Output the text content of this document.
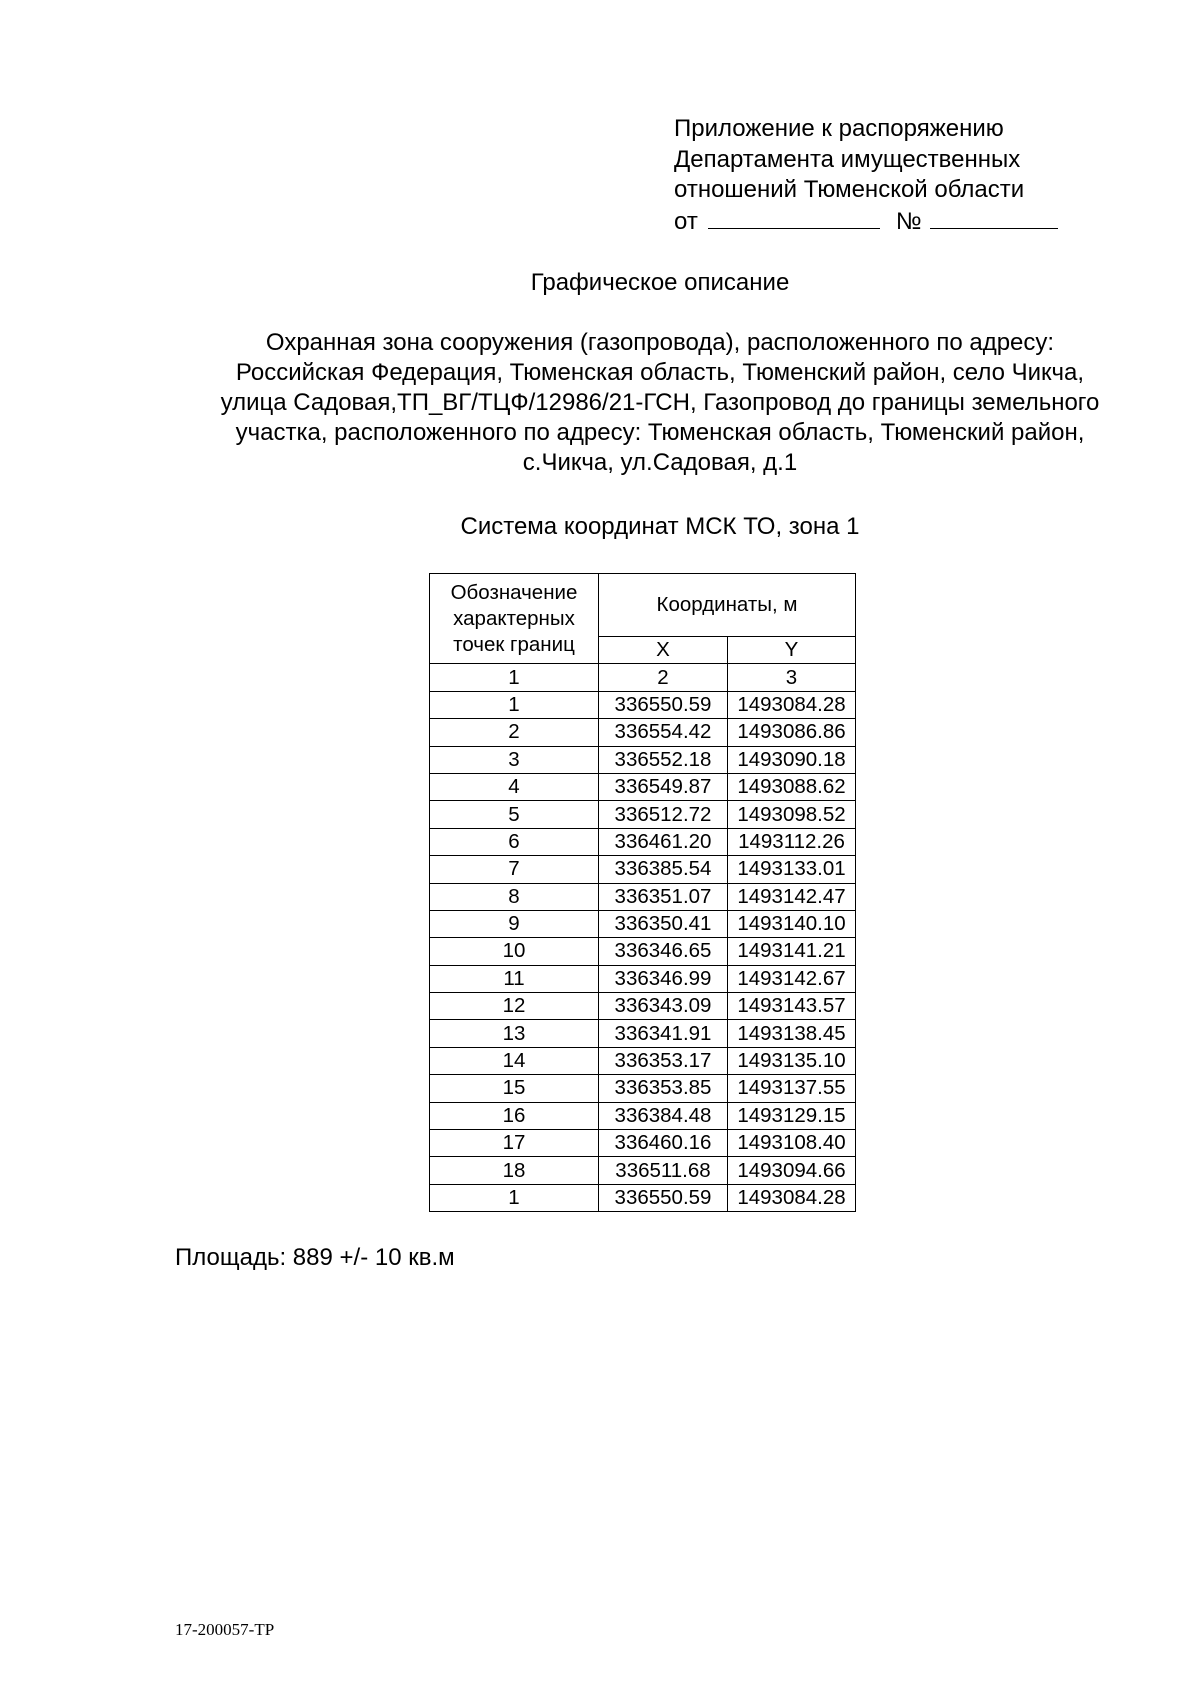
Приложение к распоряжению
Департамента имущественных
отношений Тюменской области
от	№
Графическое описание
Охранная зона сооружения (газопровода), расположенного по адресу:
Российская Федерация, Тюменская область, Тюменский район, село Чикча,
улица Садовая,ТП_ВГ/ТЦФ/12986/21-ГСН, Газопровод до границы земельного
участка, расположенного по адресу: Тюменская область, Тюменский район,
с.Чикча, ул.Садовая, д.1
Система координат МСК ТО, зона 1
Обозначение
характерных
точек границ	Координаты, м	
	X	Y
1	2	3
1	336550.59	1493084.28
2	336554.42	1493086.86
3	336552.18	1493090.18
4	336549.87	1493088.62
5	336512.72	1493098.52
6	336461.20	1493112.26
7	336385.54	1493133.01
8	336351.07	1493142.47
9	336350.41	1493140.10
10	336346.65	1493141.21
11	336346.99	1493142.67
12	336343.09	1493143.57
13	336341.91	1493138.45
14	336353.17	1493135.10
15	336353.85	1493137.55
16	336384.48	1493129.15
17	336460.16	1493108.40
18	336511.68	1493094.66
1	336550.59	1493084.28
Площадь: 889 +/- 10 кв.м
17-200057-TP
